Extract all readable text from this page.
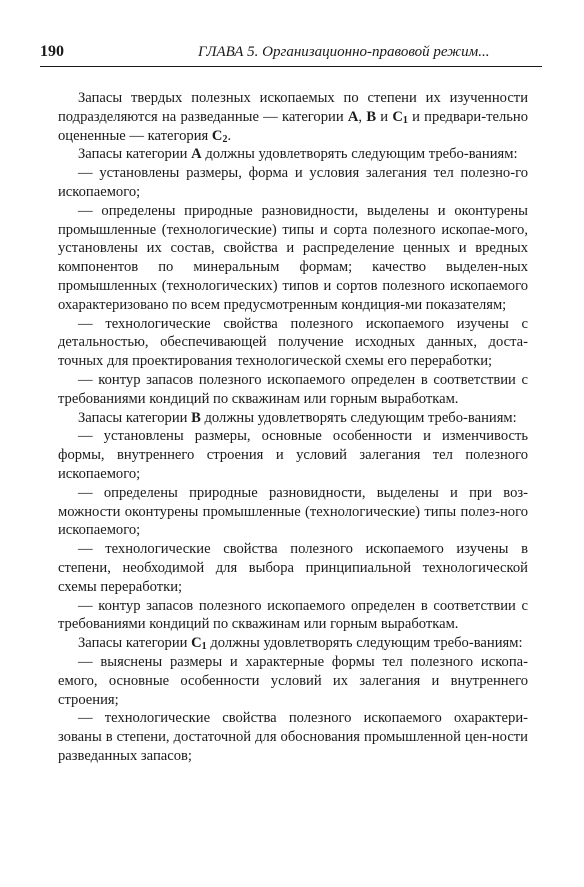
190	ГЛАВА 5. Организационно-правовой режим...

Запасы твердых полезных ископаемых по степени их изученности подразделяются на разведанные — категории A, B и $C_1$ и предвари-тельно оцененные — категория $C_2$.

Запасы категории A должны удовлетворять следующим требо-ваниям:

— установлены размеры, форма и условия залегания тел полезно-го ископаемого;

— определены природные разновидности, выделены и оконтурены промышленные (технологические) типы и сорта полезного ископае-мого, установлены их состав, свойства и распределение ценных и вредных компонентов по минеральным формам; качество выделен-ных промышленных (технологических) типов и сортов полезного ископаемого охарактеризовано по всем предусмотренным кондиция-ми показателям;

— технологические свойства полезного ископаемого изучены с детальностью, обеспечивающей получение исходных данных, доста-точных для проектирования технологической схемы его переработки;

— контур запасов полезного ископаемого определен в соответствии с требованиями кондиций по скважинам или горным выработкам.

Запасы категории B должны удовлетворять следующим требо-ваниям:

— установлены размеры, основные особенности и изменчивость формы, внутреннего строения и условий залегания тел полезного ископаемого;

— определены природные разновидности, выделены и при воз-можности оконтурены промышленные (технологические) типы полез-ного ископаемого;

— технологические свойства полезного ископаемого изучены в степени, необходимой для выбора принципиальной технологической схемы переработки;

— контур запасов полезного ископаемого определен в соответствии с требованиями кондиций по скважинам или горным выработкам.

Запасы категории $C_1$ должны удовлетворять следующим требо-ваниям:

— выяснены размеры и характерные формы тел полезного ископа-емого, основные особенности условий их залегания и внутреннего строения;

— технологические свойства полезного ископаемого охарактери-зованы в степени, достаточной для обоснования промышленной цен-ности разведанных запасов;
